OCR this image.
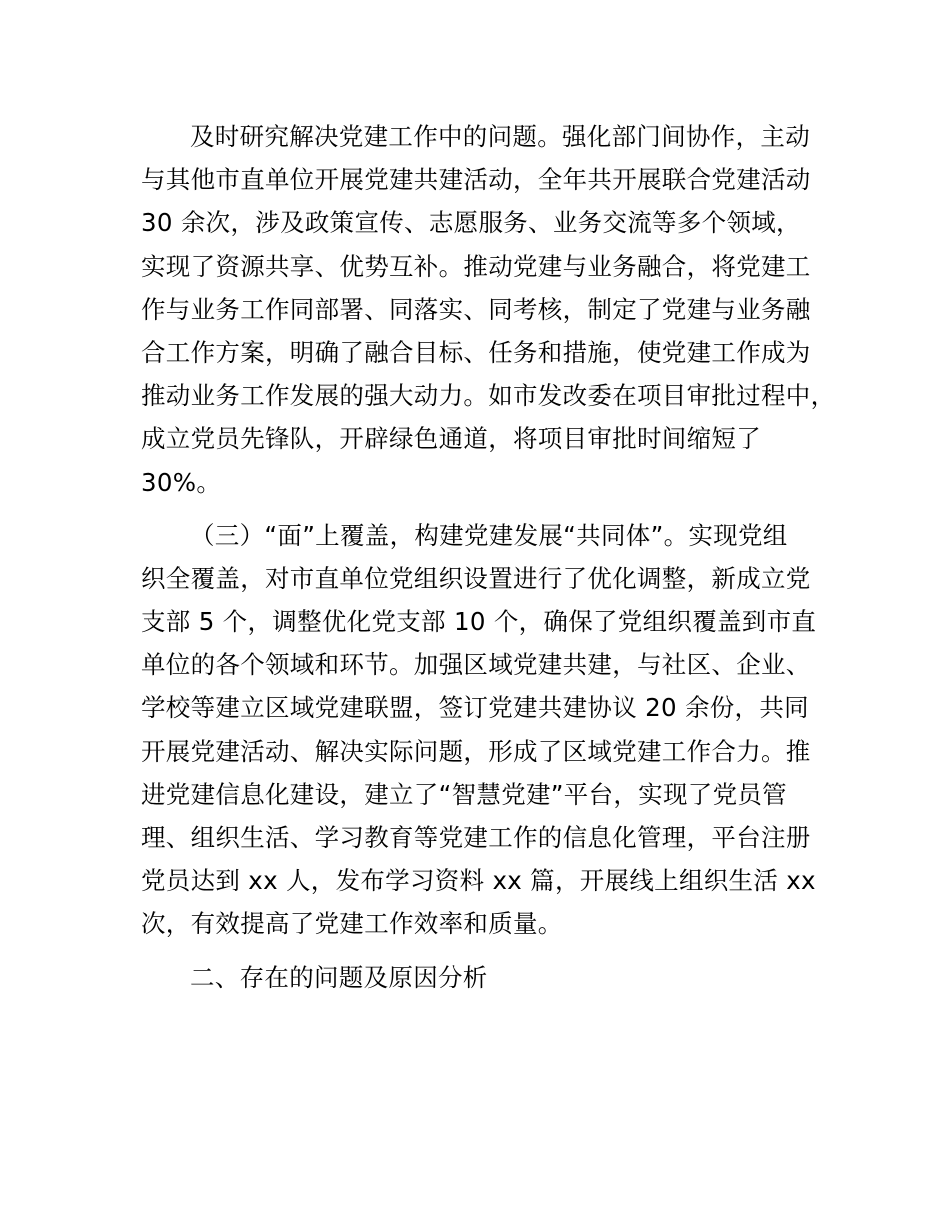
及时研究解决党建工作中的问题。强化部门间协作，主动
与其他市直单位开展党建共建活动，全年共开展联合党建活动
30 余次，涉及政策宣传、志愿服务、业务交流等多个领域，
实现了资源共享、优势互补。推动党建与业务融合，将党建工
作与业务工作同部署、同落实、同考核，制定了党建与业务融
合工作方案，明确了融合目标、任务和措施，使党建工作成为
推动业务工作发展的强大动力。如市发改委在项目审批过程中，
成立党员先锋队，开辟绿色通道，将项目审批时间缩短了
30%。
（三）“面”上覆盖，构建党建发展“共同体”。实现党组
织全覆盖，对市直单位党组织设置进行了优化调整，新成立党
支部 5 个，调整优化党支部 10 个，确保了党组织覆盖到市直
单位的各个领域和环节。加强区域党建共建，与社区、企业、
学校等建立区域党建联盟，签订党建共建协议 20 余份，共同
开展党建活动、解决实际问题，形成了区域党建工作合力。推
进党建信息化建设，建立了“智慧党建”平台，实现了党员管
理、组织生活、学习教育等党建工作的信息化管理，平台注册
党员达到 xx 人，发布学习资料 xx 篇，开展线上组织生活 xx
次，有效提高了党建工作效率和质量。
二、存在的问题及原因分析
